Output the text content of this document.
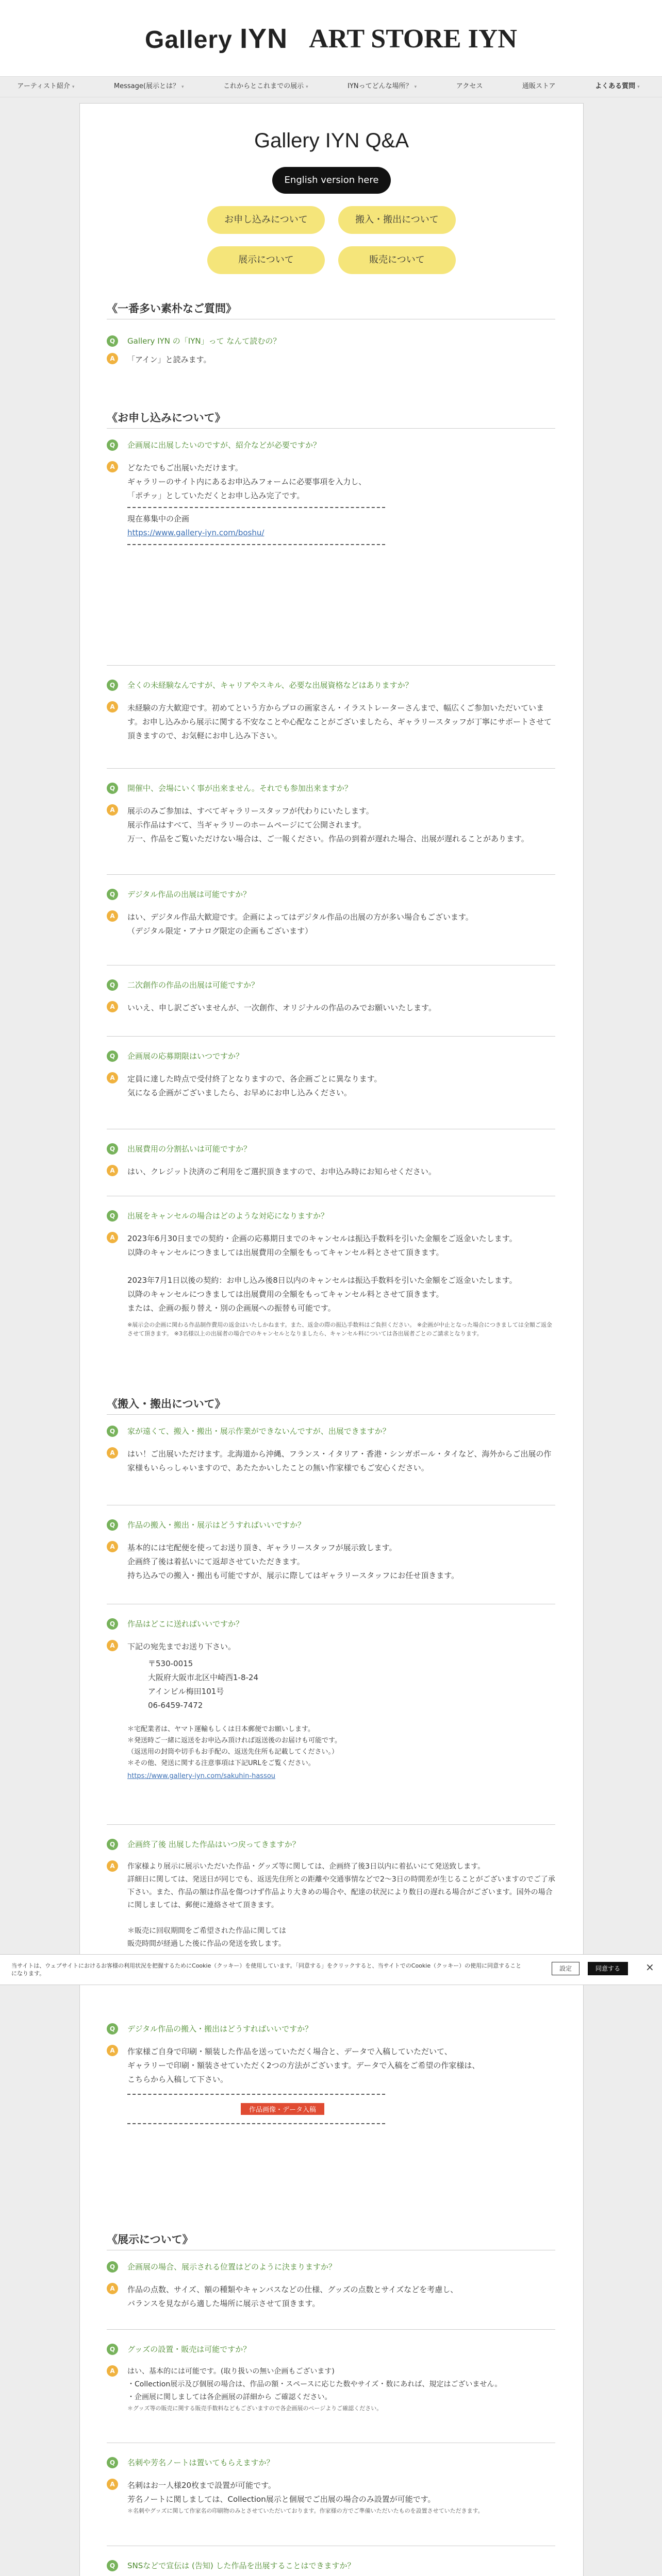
Gallery IYN ART STORE IYN
アーティスト紹介 ▾	Message(展示とは？ ▾	これからとこれまでの展示 ▾	IYNってどんな場所？ ▾	アクセス	通販ストア	よくある質問 ▾
Gallery IYN Q&A
English version here
お申し込みについて	搬入・搬出について
展示について	販売について
《一番多い素朴なご質問》
Q	Gallery IYN の「IYN」って なんて読むの？
A	「アイン」と読みます。
《お申し込みについて》
Q	企画展に出展したいのですが、紹介などが必要ですか？
A	どなたでもご出展いただけます。
ギャラリーのサイト内にあるお申込みフォームに必要事項を入力し、
「ポチッ」としていただくとお申し込み完了です。
現在募集中の企画
https://www.gallery-iyn.com/boshu/
Q	全くの未経験なんですが、キャリアやスキル、必要な出展資格などはありますか？
A	未経験の方大歓迎です。初めてという方からプロの画家さん・イラストレーターさんまで、幅広くご参加いただいています。お申し込みから展示に関する不安なことや心配なことがございましたら、ギャラリースタッフが丁寧にサポートさせて頂きますので、お気軽にお申し込み下さい。
Q	開催中、会場にいく事が出来ません。それでも参加出来ますか？
A	展示のみご参加は、すべてギャラリースタッフが代わりにいたします。
展示作品はすべて、当ギャラリーのホームページにて公開されます。
万一、作品をご覧いただけない場合は、ご一報ください。作品の到着が遅れた場合、出展が遅れることがあります。
Q	デジタル作品の出展は可能ですか？
A	はい、デジタル作品大歓迎です。企画によってはデジタル作品の出展の方が多い場合もございます。
（デジタル限定・アナログ限定の企画もございます）
Q	二次創作の作品の出展は可能ですか？
A	いいえ、申し訳ございませんが、一次創作、オリジナルの作品のみでお願いいたします。
Q	企画展の応募期限はいつですか？
A	定員に達した時点で受付終了となりますので、各企画ごとに異なります。
気になる企画がございましたら、お早めにお申し込みください。
Q	出展費用の分割払いは可能ですか？
A	はい、クレジット決済のご利用をご選択頂きますので、お申込み時にお知らせください。
Q	出展をキャンセルの場合はどのような対応になりますか？
A	2023年6月30日までの契約・企画の応募期日までのキャンセルは振込手数料を引いた金額をご返金いたします。
以降のキャンセルにつきましては出展費用の全額をもってキャンセル料とさせて頂きます。

2023年7月1日以後の契約：お申し込み後8日以内のキャンセルは振込手数料を引いた金額をご返金いたします。
以降のキャンセルにつきましては出展費用の全額をもってキャンセル料とさせて頂きます。
または、企画の振り替え・別の企画展への振替も可能です。
※展示会の企画に関わる作品制作費用の返金はいたしかねます。また、返金の際の振込手数料はご負担ください。 ※企画が中止となった場合につきましては全額ご返金させて頂きます。 ※3名様以上の出展者の場合でのキャンセルとなりましたら、キャンセル料については各出展者ごとのご請求となります。
《搬入・搬出について》
Q	家が遠くて、搬入・搬出・展示作業ができないんですが、出展できますか？
A	はい！ご出展いただけます。北海道から沖縄、フランス・イタリア・香港・シンガポール・タイなど、海外からご出展の作家様もいらっしゃいますので、あたたかいしたことの無い作家様でもご安心ください。
Q	作品の搬入・搬出・展示はどうすればいいですか？
A	基本的には宅配便を使ってお送り頂き、ギャラリースタッフが展示致します。
企画終了後は着払いにて返却させていただきます。
持ち込みでの搬入・搬出も可能ですが、展示に際してはギャラリースタッフにお任せ頂きます。
Q	作品はどこに送ればいいですか？
A	下記の宛先までお送り下さい。
〒530-0015
大阪府大阪市北区中崎西1-8-24
アインビル梅田101号
06-6459-7472
＊宅配業者は、ヤマト運輸もしくは日本郵便でお願いします。
＊発送時ご一緒に返送をお申込み頂ければ返送後のお届けも可能です。
（返送用の封筒や切手もお手配の、返送先住所も記載してください。）
＊その他、発送に関する注意事項は下記URLをご覧ください。
https://www.gallery-iyn.com/sakuhin-hassou
Q	企画終了後 出展した作品はいつ戻ってきますか？
A	作家様より展示に展示いただいた作品・グッズ等に関しては、企画終了後3日以内に着払いにて発送致します。
詳細日に関しては、発送日が同じでも、返送先住所との距離や交通事情などで2〜3日の時間差が生じることがございますのでご了承下さい。また、作品の額は作品を傷つけず作品より大きめの場合や、配達の状況により数日の遅れる場合がございます。国外の場合に関しましては、郵便に連絡させて頂きます。

＊販売に回収期間をご希望された作品に関しては
販売時間が経過した後に作品の発送を致します。
Q	デジタル作品の搬入・搬出はどうすればいいですか？
A	作家様ご自身で印刷・額装した作品を送っていただく場合と、データで入稿していただいて、
ギャラリーで印刷・額装させていただく2つの方法がございます。データで入稿をご希望の作家様は、
こちらから入稿して下さい。
作品画像・データ入稿
《展示について》
Q	企画展の場合、展示される位置はどのように決まりますか？
A	作品の点数、サイズ、額の種類やキャンバスなどの仕様、グッズの点数とサイズなどを考慮し、
バランスを見ながら適した場所に展示させて頂きます。
Q	グッズの設置・販売は可能ですか？
A	はい、基本的には可能です。(取り扱いの無い企画もございます)
・Collection展示及び個展の場合は、作品の額・スペースに応じた数やサイズ・数にあれば、規定はございません。
・企画展に関しましては各企画展の詳細から ご確認ください。
＊グッズ等の販売に関する販売手数料などもございますので各企画展のページよりご確認ください。
Q	名刺や芳名ノートは置いてもらえますか？
A	名刺はお一人様20枚まで設置が可能です。
芳名ノートに関しましては、Collection展示と個展でご出展の場合のみ設置が可能です。
＊名刺やグッズに関して作家名の印刷物のみとさせていただいております。作家様の方でご準備いただいたものを設置させていただきます。
Q	SNSなどで宣伝は (告知) した作品を出展することはできますか？
当サイトは、ウェブサイトにおけるお客様の利用状況を把握するためにCookie（クッキー）を使用しています。「同意する」をクリックすると、当サイトでのCookie（クッキー）の使用に同意することになります。
設定	同意する	×
